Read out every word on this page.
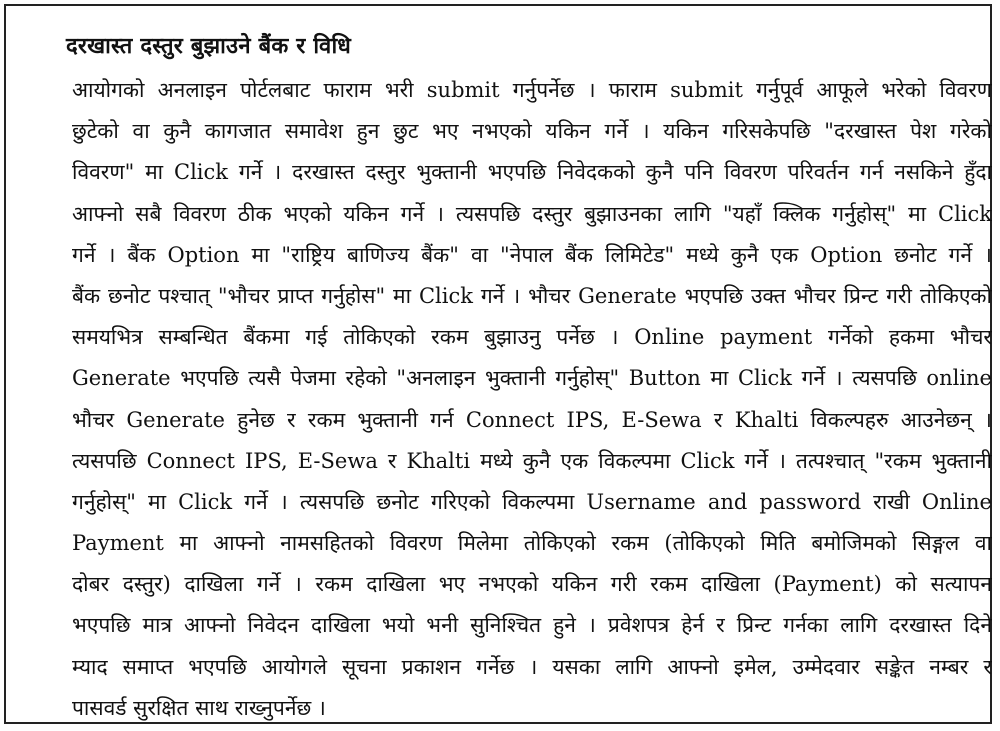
दरखास्त दस्तुर बुझाउने बैंक र विधि
आयोगको अनलाइन पोर्टलबाट फाराम भरी submit गर्नुपर्नेछ । फाराम submit गर्नुपूर्व आफूले भरेको विवरण
छुटेको वा कुनै कागजात समावेश हुन छुट भए नभएको यकिन गर्ने । यकिन गरिसकेपछि "दरखास्त पेश गरेको
विवरण" मा Click गर्ने । दरखास्त दस्तुर भुक्तानी भएपछि निवेदकको कुनै पनि विवरण परिवर्तन गर्न नसकिने हुँदा
आफ्नो सबै विवरण ठीक भएको यकिन गर्ने । त्यसपछि दस्तुर बुझाउनका लागि "यहाँ क्लिक गर्नुहोस्" मा Click
गर्ने । बैंक Option मा "राष्ट्रिय बाणिज्य बैंक" वा "नेपाल बैंक लिमिटेड" मध्ये कुनै एक Option छनोट गर्ने ।
बैंक छनोट पश्चात् "भौचर प्राप्त गर्नुहोस" मा Click गर्ने । भौचर Generate भएपछि उक्त भौचर प्रिन्ट गरी तोकिएको
समयभित्र सम्बन्धित बैंकमा गई तोकिएको रकम बुझाउनु पर्नेछ । Online payment गर्नेको हकमा भौचर
Generate भएपछि त्यसै पेजमा रहेको "अनलाइन भुक्तानी गर्नुहोस्" Button मा Click गर्ने । त्यसपछि online
भौचर Generate हुनेछ र रकम भुक्तानी गर्न Connect IPS, E-Sewa र Khalti विकल्पहरु आउनेछन् ।
त्यसपछि Connect IPS, E-Sewa र Khalti मध्ये कुनै एक विकल्पमा Click गर्ने । तत्पश्चात् "रकम भुक्तानी
गर्नुहोस्" मा Click गर्ने । त्यसपछि छनोट गरिएको विकल्पमा Username and password राखी Online
Payment मा आफ्नो नामसहितको विवरण मिलेमा तोकिएको रकम (तोकिएको मिति बमोजिमको सिङ्गल वा
दोबर दस्तुर) दाखिला गर्ने । रकम दाखिला भए नभएको यकिन गरी रकम दाखिला (Payment) को सत्यापन
भएपछि मात्र आफ्नो निवेदन दाखिला भयो भनी सुनिश्चित हुने । प्रवेशपत्र हेर्न र प्रिन्ट गर्नका लागि दरखास्त दिने
म्याद समाप्त भएपछि आयोगले सूचना प्रकाशन गर्नेछ । यसका लागि आफ्नो इमेल, उम्मेदवार सङ्केत नम्बर र
पासवर्ड सुरक्षित साथ राख्नुपर्नेछ ।
